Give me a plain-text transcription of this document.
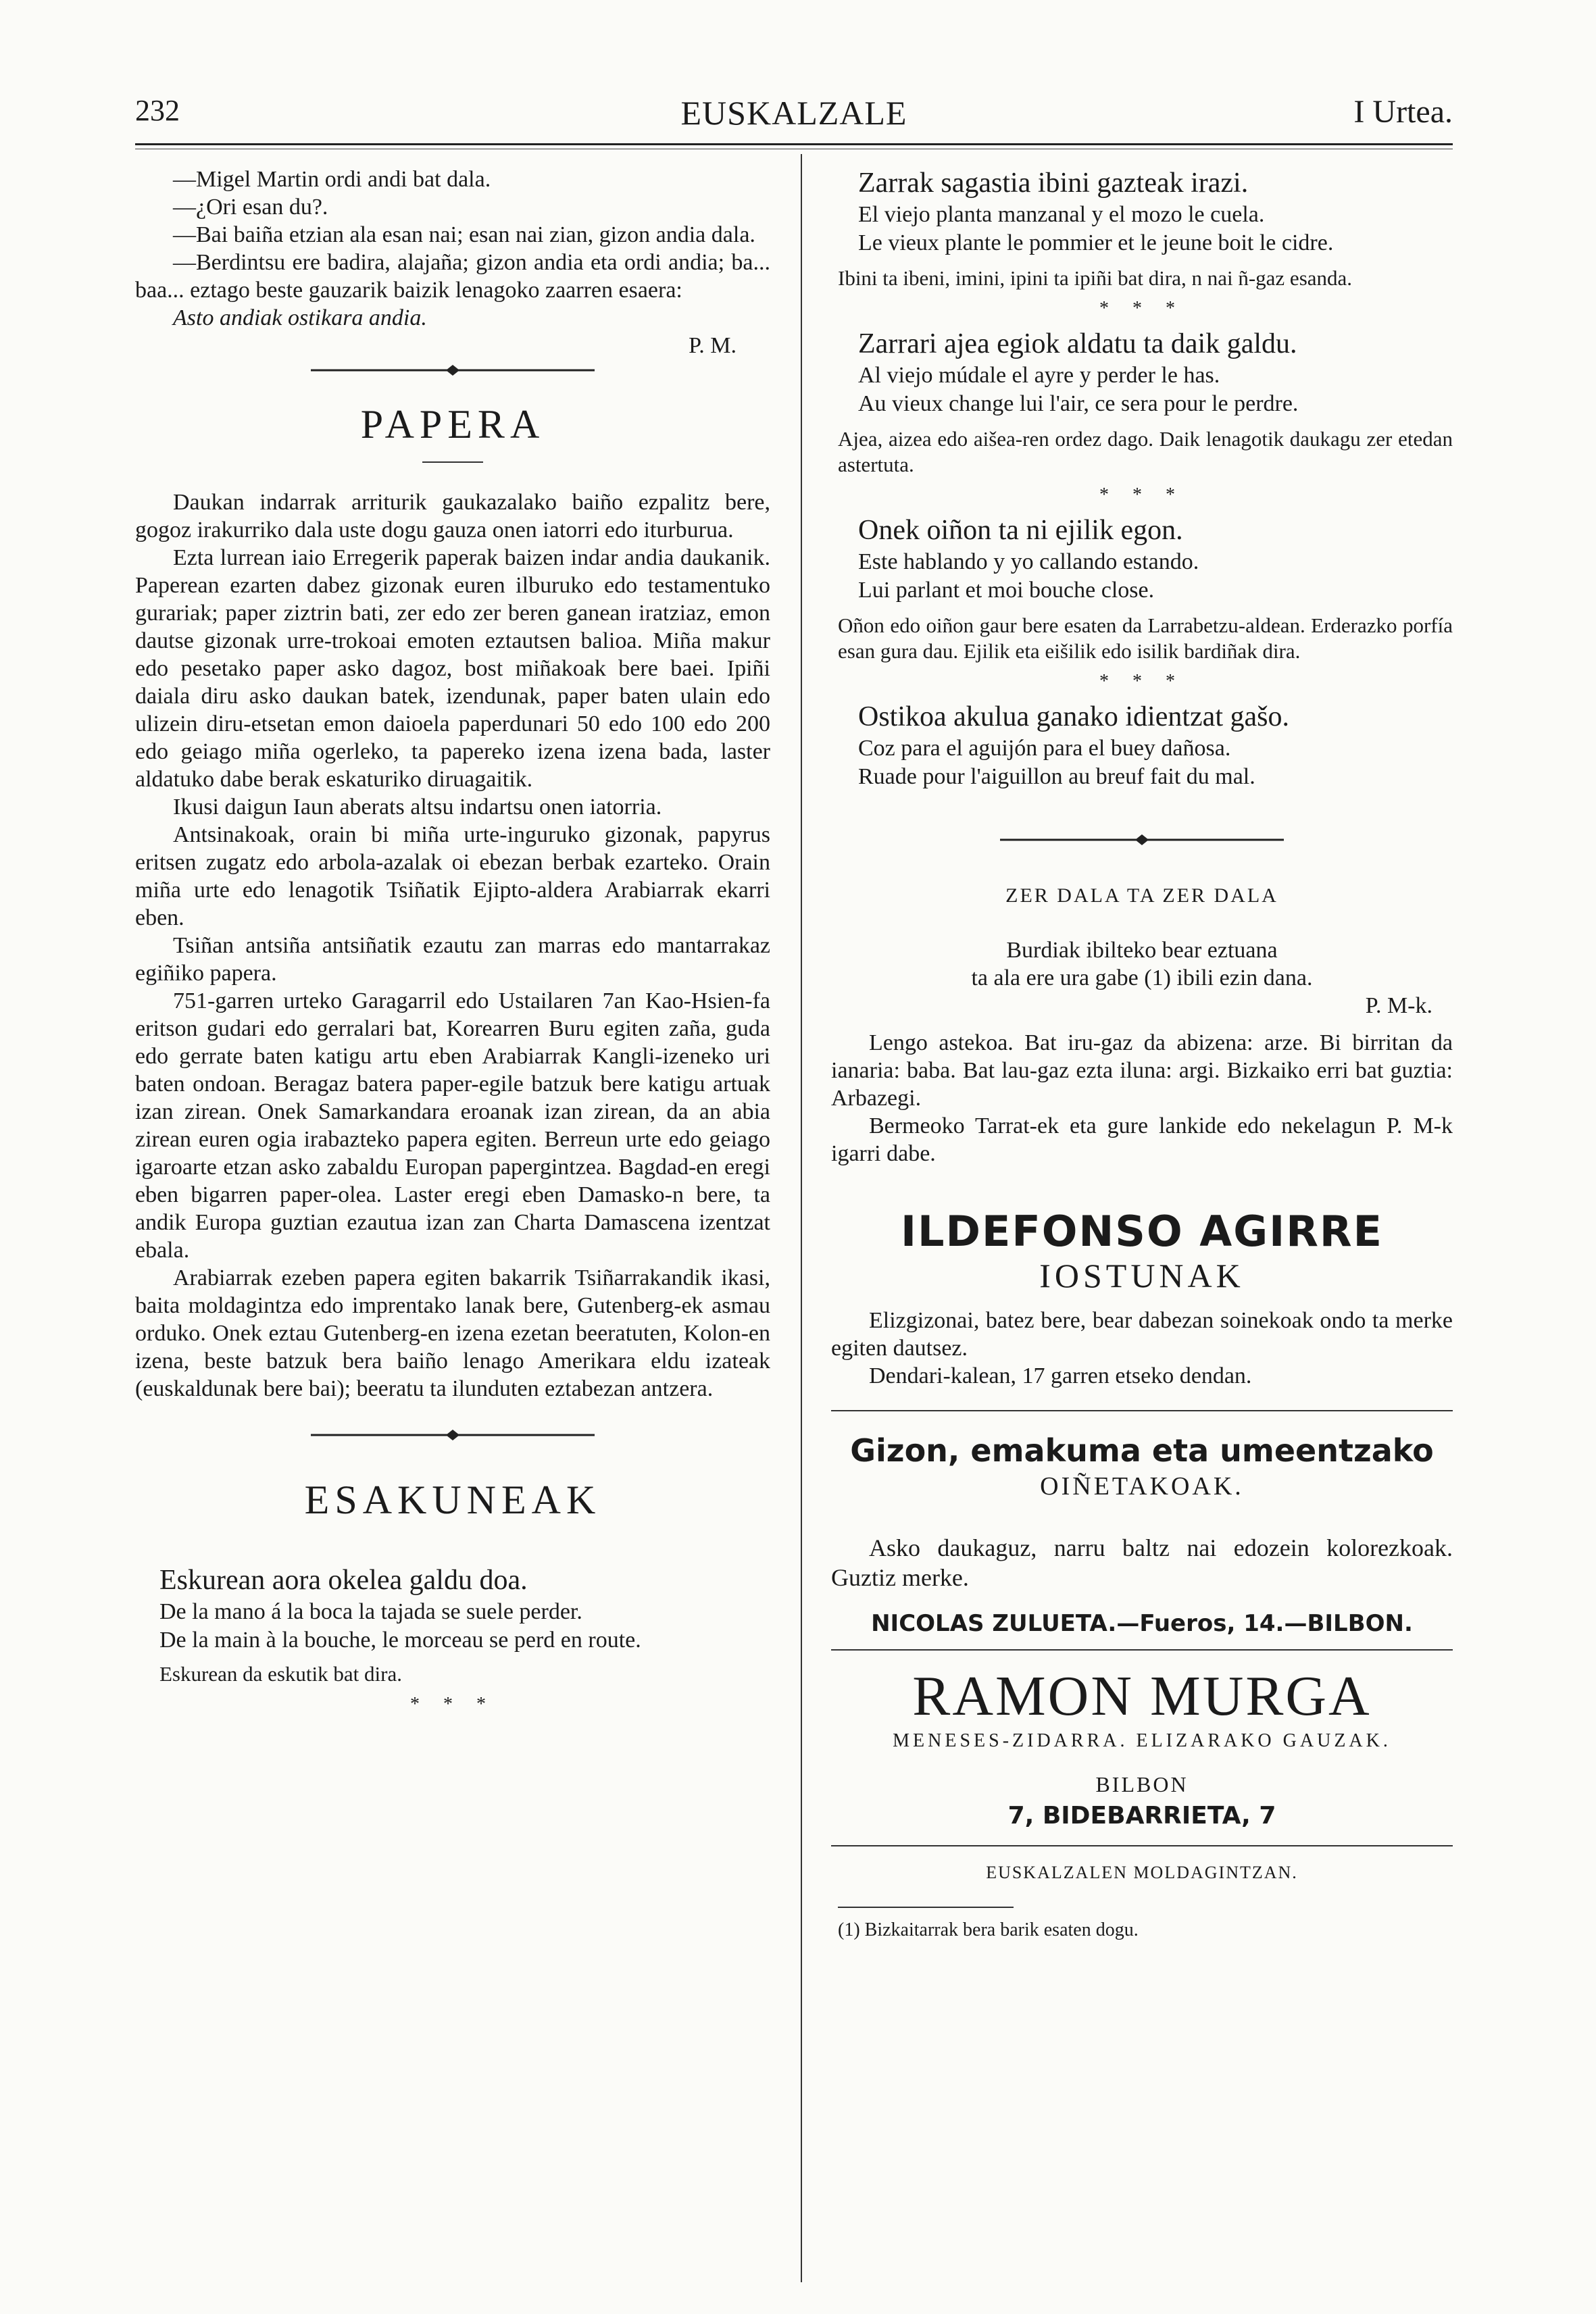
232	EUSKALZALE	I Urtea.

—Migel Martin ordi andi bat dala.

—¿Ori esan du?.

—Bai baiña etzian ala esan nai; esan nai zian, gizon andia dala.

—Berdintsu ere badira, alajaña; gizon andia eta ordi andia; ba... baa... eztago beste gauzarik baizik lenagoko zaarren esaera:

Asto andiak ostikara andia.

P. M.

PAPERA

Daukan indarrak arriturik gaukazalako baiño ezpalitz bere, gogoz irakurriko dala uste dogu gauza onen iatorri edo iturburua.

Ezta lurrean iaio Erregerik paperak baizen indar andia daukanik. Paperean ezarten dabez gizonak euren ilburuko edo testamentuko gurariak; paper ziztrin bati, zer edo zer beren ganean iratziaz, emon dautse gizonak urre-trokoai emoten eztautsen balioa. Miña makur edo pesetako paper asko dagoz, bost miñakoak bere baei. Ipiñi daiala diru asko daukan batek, izendunak, paper baten ulain edo ulizein diru-etsetan emon daioela paperdunari 50 edo 100 edo 200 edo geiago miña ogerleko, ta papereko izena izena bada, laster aldatuko dabe berak eskaturiko diruagaitik.

Ikusi daigun Iaun aberats altsu indartsu onen iatorria.

Antsinakoak, orain bi miña urte-inguruko gizonak, papyrus eritsen zugatz edo arbola-azalak oi ebezan berbak ezarteko. Orain miña urte edo lenagotik Tsiñatik Ejipto-aldera Arabiarrak ekarri eben.

Tsiñan antsiña antsiñatik ezautu zan marras edo mantarrakaz egiñiko papera.

751-garren urteko Garagarril edo Ustailaren 7an Kao-Hsien-fa eritson gudari edo gerralari bat, Korearren Buru egiten zaña, guda edo gerrate baten katigu artu eben Arabiarrak Kangli-izeneko uri baten ondoan. Beragaz batera paper-egile batzuk bere katigu artuak izan zirean. Onek Samarkandara eroanak izan zirean, da an abia zirean euren ogia irabazteko papera egiten. Berreun urte edo geiago igaroarte etzan asko zabaldu Europan papergintzea. Bagdad-en eregi eben bigarren paper-olea. Laster eregi eben Damasko-n bere, ta andik Europa guztian ezautua izan zan Charta Damascena izentzat ebala.

Arabiarrak ezeben papera egiten bakarrik Tsiñarrakandik ikasi, baita moldagintza edo imprentako lanak bere, Gutenberg-ek asmau orduko. Onek eztau Gutenberg-en izena ezetan beeratuten, Kolon-en izena, beste batzuk bera baiño lenago Amerikara eldu izateak (euskaldunak bere bai); beeratu ta ilunduten eztabezan antzera.

ESAKUNEAK

Eskurean aora okelea galdu doa.

De la mano á la boca la tajada se suele perder.

De la main à la bouche, le morceau se perd en route.

Eskurean da eskutik bat dira.

* * *

Zarrak sagastia ibini gazteak irazi.

El viejo planta manzanal y el mozo le cuela.

Le vieux plante le pommier et le jeune boit le cidre.

Ibini ta ibeni, imini, ipini ta ipiñi bat dira, n nai ñ-gaz esanda.

* * *

Zarrari ajea egiok aldatu ta daik galdu.

Al viejo múdale el ayre y perder le has.

Au vieux change lui l'air, ce sera pour le perdre.

Ajea, aizea edo aišea-ren ordez dago. Daik lenagotik daukagu zer etedan astertuta.

* * *

Onek oiñon ta ni ejilik egon.

Este hablando y yo callando estando.

Lui parlant et moi bouche close.

Oñon edo oiñon gaur bere esaten da Larrabetzu-aldean. Erderazko porfía esan gura dau. Ejilik eta eišilik edo isilik bardiñak dira.

* * *

Ostikoa akulua ganako idientzat gašo.

Coz para el aguijón para el buey dañosa.

Ruade pour l'aiguillon au breuf fait du mal.

ZER DALA TA ZER DALA

Burdiak ibilteko bear eztuana

ta ala ere ura gabe (1) ibili ezin dana.

P. M-k.

Lengo astekoa. Bat iru-gaz da abizena: arze. Bi birritan da ianaria: baba. Bat lau-gaz ezta iluna: argi. Bizkaiko erri bat guztia: Arbazegi.

Bermeoko Tarrat-ek eta gure lankide edo nekelagun P. M-k igarri dabe.

ILDEFONSO AGIRRE

IOSTUNAK

Elizgizonai, batez bere, bear dabezan soinekoak ondo ta merke egiten dautsez.

Dendari-kalean, 17 garren etseko dendan.

Gizon, emakuma eta umeentzako

OIÑETAKOAK.

Asko daukaguz, narru baltz nai edozein kolorezkoak. Guztiz merke.

NICOLAS ZULUETA.—Fueros, 14.—BILBON.

RAMON MURGA

MENESES-ZIDARRA. ELIZARAKO GAUZAK.

BILBON

7, BIDEBARRIETA, 7

EUSKALZALEN MOLDAGINTZAN.

(1) Bizkaitarrak bera barik esaten dogu.
